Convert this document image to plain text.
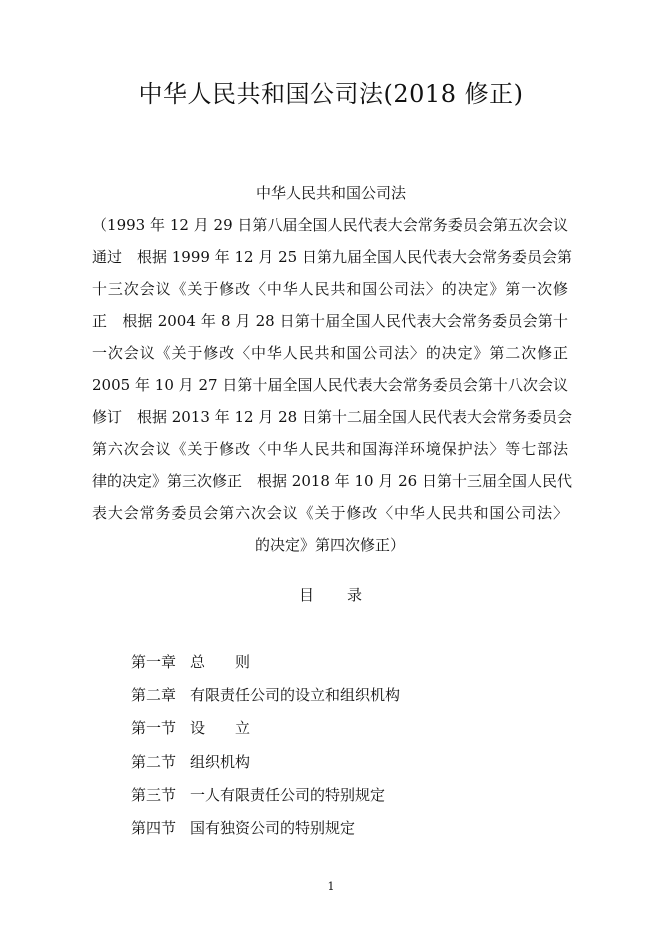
中华人民共和国公司法(2018 修正)
中华人民共和国公司法
（1993 年 12 月 29 日第八届全国人民代表大会常务委员会第五次会议
通过　根据 1999 年 12 月 25 日第九届全国人民代表大会常务委员会第
十三次会议《关于修改〈中华人民共和国公司法〉的决定》第一次修
正　根据 2004 年 8 月 28 日第十届全国人民代表大会常务委员会第十
一次会议《关于修改〈中华人民共和国公司法〉的决定》第二次修正
2005 年 10 月 27 日第十届全国人民代表大会常务委员会第十八次会议
修订　根据 2013 年 12 月 28 日第十二届全国人民代表大会常务委员会
第六次会议《关于修改〈中华人民共和国海洋环境保护法〉等七部法
律的决定》第三次修正　根据 2018 年 10 月 26 日第十三届全国人民代
表大会常务委员会第六次会议《关于修改〈中华人民共和国公司法〉
的决定》第四次修正）
目　　录
第一章 总　　则
第二章 有限责任公司的设立和组织机构
第一节 设　　立
第二节 组织机构
第三节 一人有限责任公司的特别规定
第四节 国有独资公司的特别规定
1
